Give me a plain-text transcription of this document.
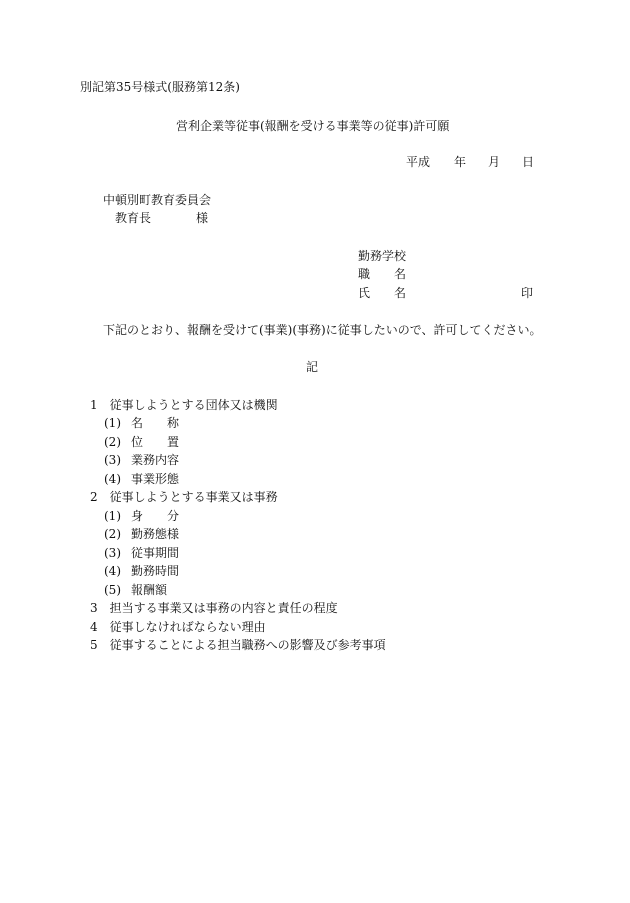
別記第35号様式(服務第12条)
営利企業等従事(報酬を受ける事業等の従事)許可願
平成 年 月 日
中頓別町教育委員会
教育長	様
勤務学校
職 名
氏 名	印
下記のとおり、報酬を受けて(事業)(事務)に従事したいので、許可してください。
記
1 従事しようとする団体又は機関
(1) 名 称
(2) 位 置
(3) 業務内容
(4) 事業形態
2 従事しようとする事業又は事務
(1) 身 分
(2) 勤務態様
(3) 従事期間
(4) 勤務時間
(5) 報酬額
3 担当する事業又は事務の内容と責任の程度
4 従事しなければならない理由
5 従事することによる担当職務への影響及び参考事項
